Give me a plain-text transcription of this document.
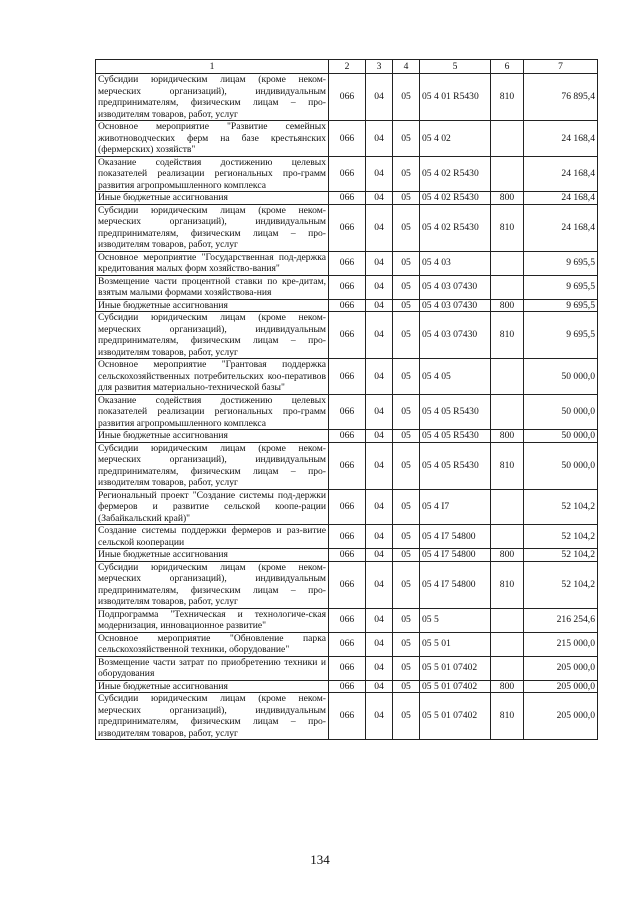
1	2	3	4	5	6	7
Субсидии юридическим лицам (кроме неком-мерческих организаций), индивидуальным предпринимателям, физическим лицам – про-изводителям товаров, работ, услуг	066	04	05	05 4 01 R5430	810	76 895,4
Основное мероприятие "Развитие семейных животноводческих ферм на базе крестьянских (фермерских) хозяйств"	066	04	05	05 4 02		24 168,4
Оказание содействия достижению целевых показателей реализации региональных про-грамм развития агропромышленного комплекса	066	04	05	05 4 02 R5430		24 168,4
Иные бюджетные ассигнования	066	04	05	05 4 02 R5430	800	24 168,4
Субсидии юридическим лицам (кроме неком-мерческих организаций), индивидуальным предпринимателям, физическим лицам – про-изводителям товаров, работ, услуг	066	04	05	05 4 02 R5430	810	24 168,4
Основное мероприятие "Государственная под-держка кредитования малых форм хозяйство-вания"	066	04	05	05 4 03		9 695,5
Возмещение части процентной ставки по кре-дитам, взятым малыми формами хозяйствова-ния	066	04	05	05 4 03 07430		9 695,5
Иные бюджетные ассигнования	066	04	05	05 4 03 07430	800	9 695,5
Субсидии юридическим лицам (кроме неком-мерческих организаций), индивидуальным предпринимателям, физическим лицам – про-изводителям товаров, работ, услуг	066	04	05	05 4 03 07430	810	9 695,5
Основное мероприятие "Грантовая поддержка сельскохозяйственных потребительских коо-перативов для развития материально-технической базы"	066	04	05	05 4 05		50 000,0
Оказание содействия достижению целевых показателей реализации региональных про-грамм развития агропромышленного комплекса	066	04	05	05 4 05 R5430		50 000,0
Иные бюджетные ассигнования	066	04	05	05 4 05 R5430	800	50 000,0
Субсидии юридическим лицам (кроме неком-мерческих организаций), индивидуальным предпринимателям, физическим лицам – про-изводителям товаров, работ, услуг	066	04	05	05 4 05 R5430	810	50 000,0
Региональный проект "Создание системы под-держки фермеров и развитие сельской коопе-рации (Забайкальский край)"	066	04	05	05 4 I7		52 104,2
Создание системы поддержки фермеров и раз-витие сельской кооперации	066	04	05	05 4 I7 54800		52 104,2
Иные бюджетные ассигнования	066	04	05	05 4 I7 54800	800	52 104,2
Субсидии юридическим лицам (кроме неком-мерческих организаций), индивидуальным предпринимателям, физическим лицам – про-изводителям товаров, работ, услуг	066	04	05	05 4 I7 54800	810	52 104,2
Подпрограмма "Техническая и технологиче-ская модернизация, инновационное развитие"	066	04	05	05 5		216 254,6
Основное мероприятие "Обновление парка сельскохозяйственной техники, оборудование"	066	04	05	05 5 01		215 000,0
Возмещение части затрат по приобретению техники и оборудования	066	04	05	05 5 01 07402		205 000,0
Иные бюджетные ассигнования	066	04	05	05 5 01 07402	800	205 000,0
Субсидии юридическим лицам (кроме неком-мерческих организаций), индивидуальным предпринимателям, физическим лицам – про-изводителям товаров, работ, услуг	066	04	05	05 5 01 07402	810	205 000,0
134
